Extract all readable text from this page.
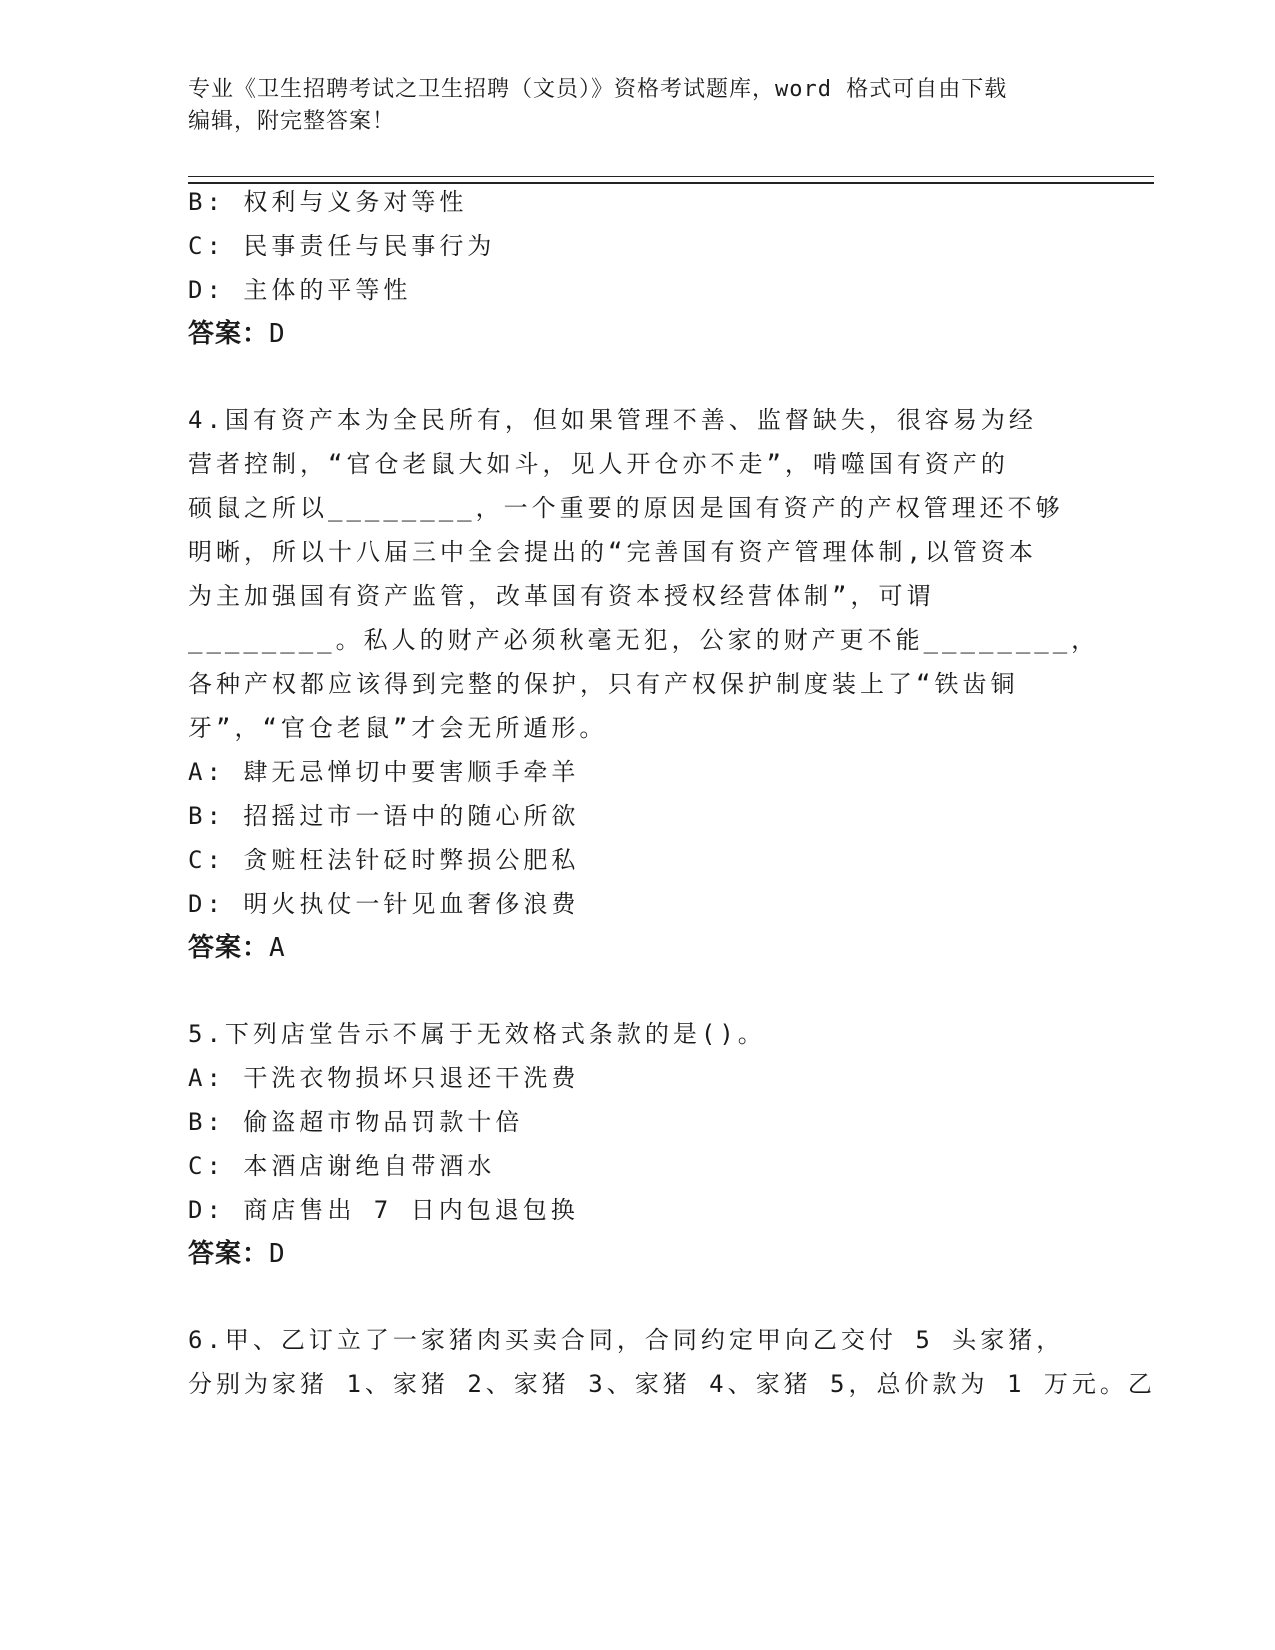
专业《卫生招聘考试之卫生招聘（文员）》资格考试题库，word 格式可自由下载
编辑，附完整答案！
B: 权利与义务对等性
C: 民事责任与民事行为
D: 主体的平等性
答案：D
4.国有资产本为全民所有，但如果管理不善、监督缺失，很容易为经
营者控制，“官仓老鼠大如斗，见人开仓亦不走”，啃噬国有资产的
硕鼠之所以________，一个重要的原因是国有资产的产权管理还不够
明晰，所以十八届三中全会提出的“完善国有资产管理体制,以管资本
为主加强国有资产监管，改革国有资本授权经营体制”，可谓
________。私人的财产必须秋毫无犯，公家的财产更不能________，
各种产权都应该得到完整的保护，只有产权保护制度装上了“铁齿铜
牙”，“官仓老鼠”才会无所遁形。
A: 肆无忌惮切中要害顺手牵羊
B: 招摇过市一语中的随心所欲
C: 贪赃枉法针砭时弊损公肥私
D: 明火执仗一针见血奢侈浪费
答案：A
5.下列店堂告示不属于无效格式条款的是()。
A: 干洗衣物损坏只退还干洗费
B: 偷盗超市物品罚款十倍
C: 本酒店谢绝自带酒水
D: 商店售出 7 日内包退包换
答案：D
6.甲、乙订立了一家猪肉买卖合同，合同约定甲向乙交付 5 头家猪，
分别为家猪 1、家猪 2、家猪 3、家猪 4、家猪 5，总价款为 1 万元。乙
